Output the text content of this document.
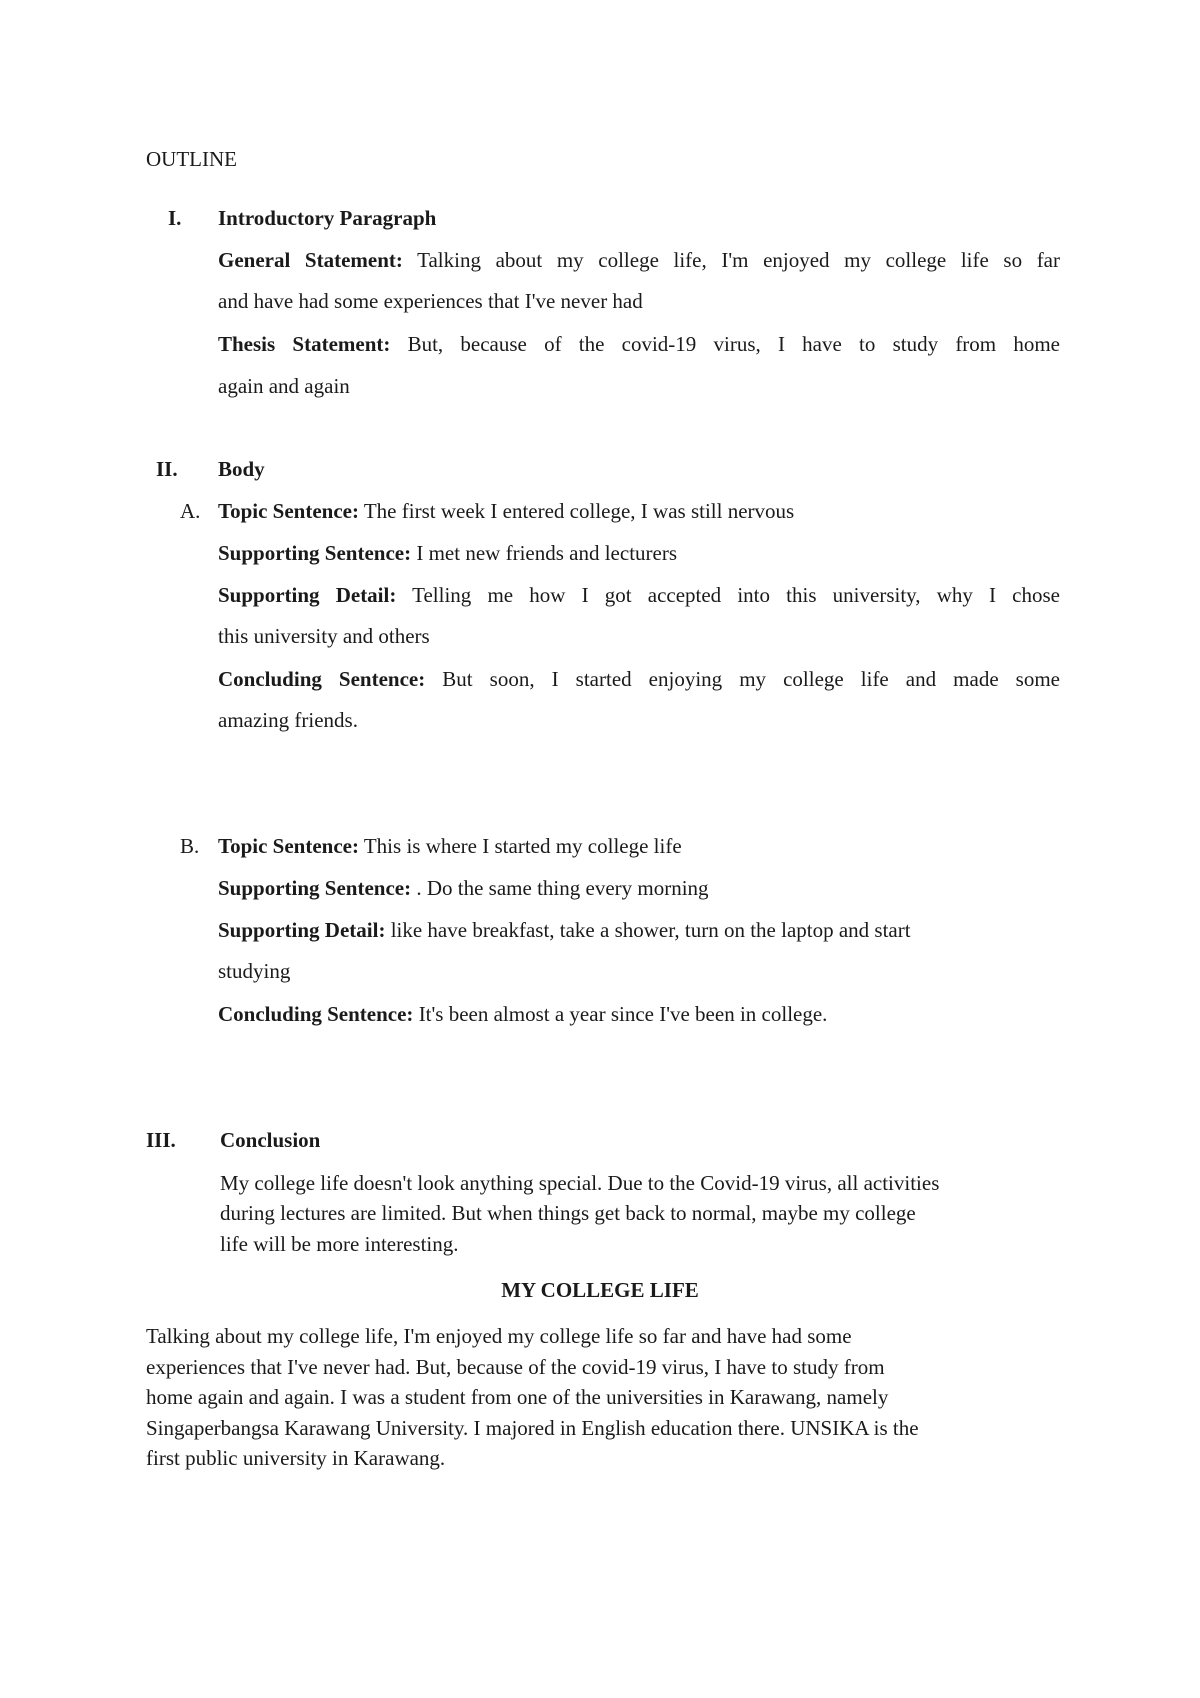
OUTLINE

I. Introductory Paragraph

General Statement: Talking about my college life, I'm enjoyed my college life so far

and have had some experiences that I've never had

Thesis Statement: But, because of the covid-19 virus, I have to study from home

again and again

II. Body

A. Topic Sentence: The first week I entered college, I was still nervous

Supporting Sentence: I met new friends and lecturers

Supporting Detail: Telling me how I got accepted into this university, why I chose

this university and others

Concluding Sentence: But soon, I started enjoying my college life and made some

amazing friends.

B. Topic Sentence: This is where I started my college life

Supporting Sentence: . Do the same thing every morning

Supporting Detail: like have breakfast, take a shower, turn on the laptop and start

studying

Concluding Sentence: It's been almost a year since I've been in college.

III. Conclusion

My college life doesn't look anything special. Due to the Covid-19 virus, all activities

during lectures are limited. But when things get back to normal, maybe my college

life will be more interesting.

MY COLLEGE LIFE

Talking about my college life, I'm enjoyed my college life so far and have had some

experiences that I've never had. But, because of the covid-19 virus, I have to study from

home again and again. I was a student from one of the universities in Karawang, namely

Singaperbangsa Karawang University. I majored in English education there. UNSIKA is the

first public university in Karawang.
